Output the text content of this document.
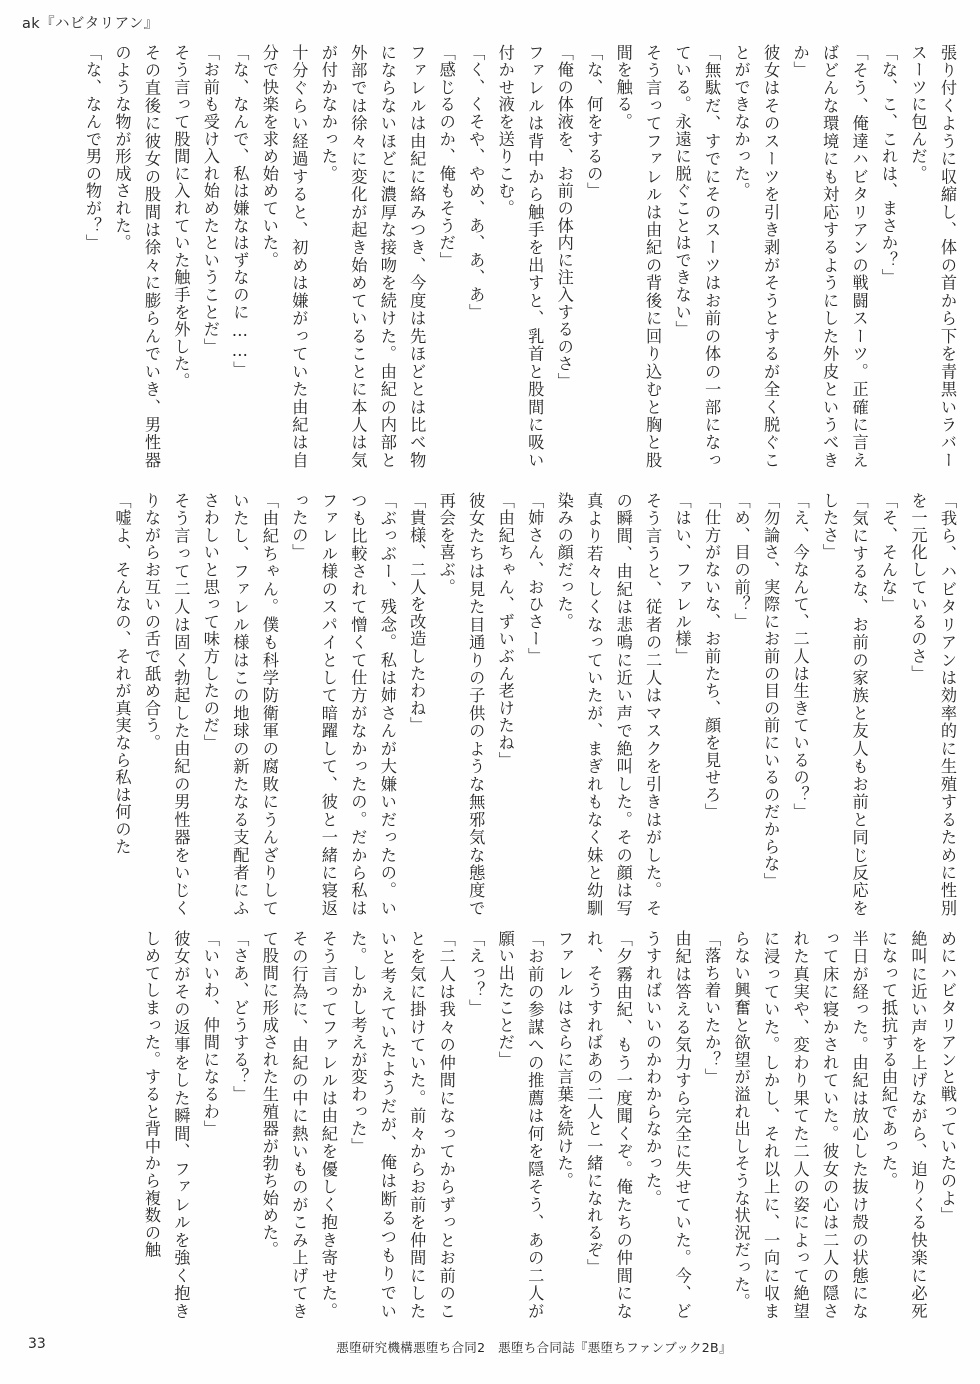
ak『ハビタリアン』

張り付くように収縮し、体の首から下を青黒いラバースーツに包んだ。

「な、こ、これは、まさか？」

「そう、俺達ハビタリアンの戦闘スーツ。正確に言えばどんな環境にも対応するようにした外皮というべきか」

彼女はそのスーツを引き剥がそうとするが全く脱ぐことができなかった。

「無駄だ、すでにそのスーツはお前の体の一部になっている。永遠に脱ぐことはできない」

そう言ってファレルは由紀の背後に回り込むと胸と股間を触る。

「な、何をするの」

「俺の体液を、お前の体内に注入するのさ」

ファレルは背中から触手を出すと、乳首と股間に吸い付かせ液を送りこむ。

「く、くそや、やめ、あ、あ、あ」

「感じるのか、俺もそうだ」

ファレルは由紀に絡みつき、今度は先ほどとは比べ物にならないほどに濃厚な接吻を続けた。由紀の内部と外部では徐々に変化が起き始めていることに本人は気が付かなかった。

十分ぐらい経過すると、初めは嫌がっていた由紀は自分で快楽を求め始めていた。

「な、なんで、私は嫌なはずなのに……」

「お前も受け入れ始めたということだ」

そう言って股間に入れていた触手を外した。

その直後に彼女の股間は徐々に膨らんでいき、男性器のような物が形成された。

「な、なんで男の物が？」

「我ら、ハビタリアンは効率的に生殖するために性別を一元化しているのさ」

「そ、そんな」

「気にするな、お前の家族と友人もお前と同じ反応をしたさ」

「え、今なんて、二人は生きているの？」

「勿論さ、実際にお前の目の前にいるのだからな」

「め、目の前？」

「仕方がないな、お前たち、顔を見せろ」

「はい、ファレル様」

そう言うと、従者の二人はマスクを引きはがした。その瞬間、由紀は悲鳴に近い声で絶叫した。その顔は写真より若々しくなっていたが、まぎれもなく妹と幼馴染みの顔だった。

「姉さん、おひさー」

「由紀ちゃん、ずいぶん老けたね」

彼女たちは見た目通りの子供のような無邪気な態度で再会を喜ぶ。

「貴様、二人を改造したわね」

「ぶっぶー、残念。私は姉さんが大嫌いだったの。いつも比較されて憎くて仕方がなかったの。だから私はファレル様のスパイとして暗躍して、彼と一緒に寝返ったの」

「由紀ちゃん。僕も科学防衛軍の腐敗にうんざりしていたし、ファレル様はこの地球の新たなる支配者にふさわしいと思って味方したのだ」

そう言って二人は固く勃起した由紀の男性器をいじくりながらお互いの舌で舐め合う。

「嘘よ、そんなの、それが真実なら私は何のた

めにハビタリアンと戦っていたのよ」

絶叫に近い声を上げながら、迫りくる快楽に必死になって抵抗する由紀であった。

半日が経った。由紀は放心した抜け殻の状態になって床に寝かされていた。彼女の心は二人の隠された真実や、変わり果てた二人の姿によって絶望に浸っていた。しかし、それ以上に、一向に収まらない興奮と欲望が溢れ出しそうな状況だった。

「落ち着いたか？」

由紀は答える気力すら完全に失せていた。今、どうすればいいのかわからなかった。

「夕霧由紀、もう一度聞くぞ。俺たちの仲間になれ、そうすればあの二人と一緒になれるぞ」

ファレルはさらに言葉を続けた。

「お前の参謀への推薦は何を隠そう、あの二人が願い出たことだ」

「えっ？」

「二人は我々の仲間になってからずっとお前のことを気に掛けていた。前々からお前を仲間にしたいと考えていたようだが、俺は断るつもりでいた。しかし考えが変わった」

そう言ってファレルは由紀を優しく抱き寄せた。その行為に、由紀の中に熱いものがこみ上げてきて股間に形成された生殖器が勃ち始めた。

「さあ、どうする？」

「いいわ、仲間になるわ」

彼女がその返事をした瞬間、ファレルを強く抱きしめてしまった。すると背中から複数の触

33	悪堕研究機構悪堕ち合同2　悪堕ち合同誌『悪堕ちファンブック2B』
